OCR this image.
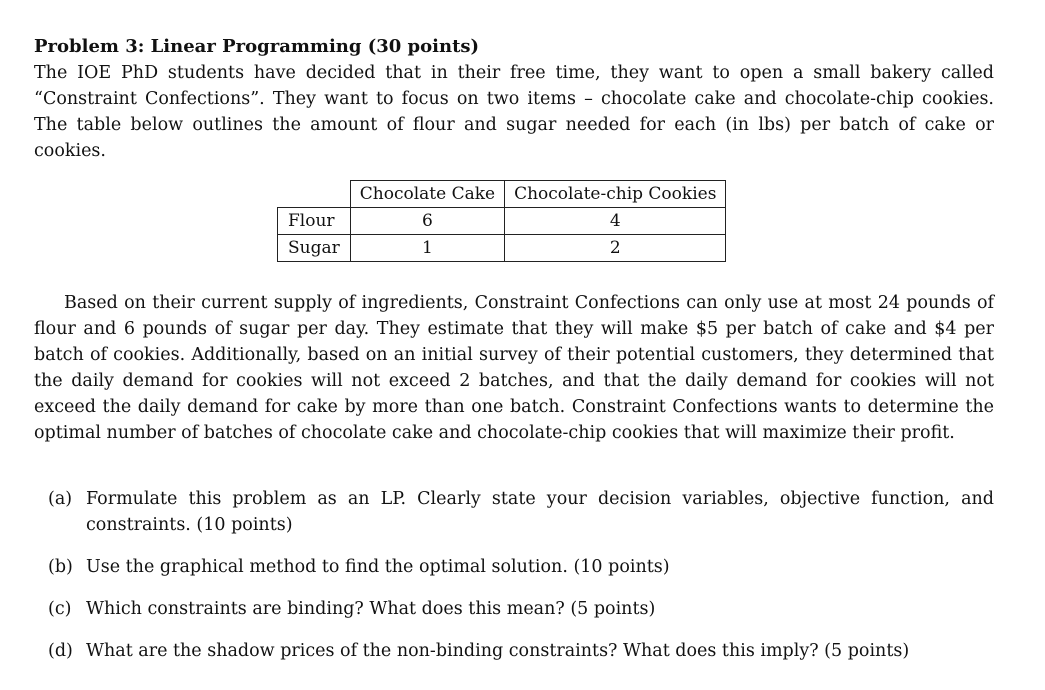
Problem 3: Linear Programming (30 points)

The IOE PhD students have decided that in their free time, they want to open a small bakery called “Constraint Confections”. They want to focus on two items – chocolate cake and chocolate-chip cookies. The table below outlines the amount of flour and sugar needed for each (in lbs) per batch of cake or cookies.

	Chocolate Cake	Chocolate-chip Cookies
Flour	6	4
Sugar	1	2

Based on their current supply of ingredients, Constraint Confections can only use at most 24 pounds of flour and 6 pounds of sugar per day. They estimate that they will make $5 per batch of cake and $4 per batch of cookies. Additionally, based on an initial survey of their potential customers, they determined that the daily demand for cookies will not exceed 2 batches, and that the daily demand for cookies will not exceed the daily demand for cake by more than one batch. Constraint Confections wants to determine the optimal number of batches of chocolate cake and chocolate-chip cookies that will maximize their profit.

(a) Formulate this problem as an LP. Clearly state your decision variables, objective function, and constraints. (10 points)
(b) Use the graphical method to find the optimal solution. (10 points)
(c) Which constraints are binding? What does this mean? (5 points)
(d) What are the shadow prices of the non-binding constraints? What does this imply? (5 points)
